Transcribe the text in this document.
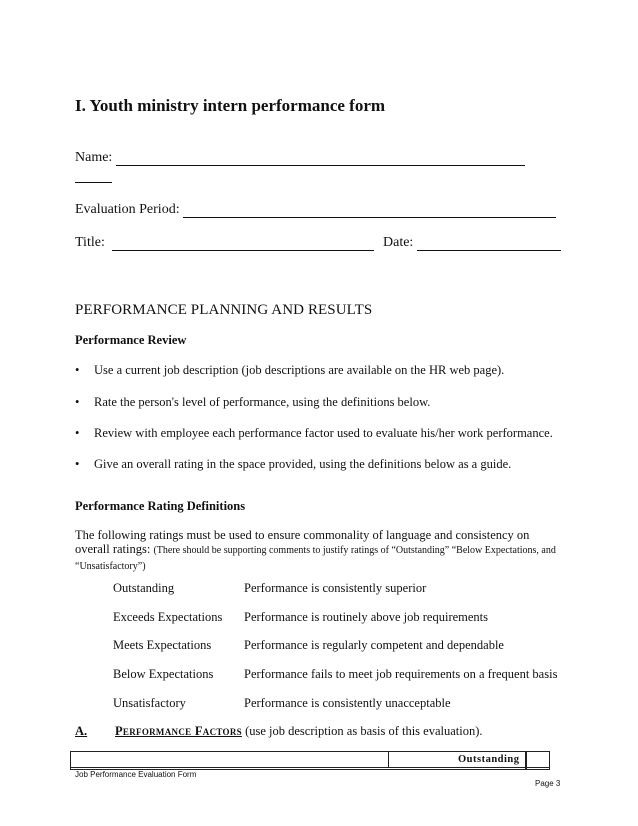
I. Youth ministry intern performance form
Name:
Evaluation Period:
Title:	Date:
PERFORMANCE PLANNING AND RESULTS
Performance Review
• Use a current job description (job descriptions are available on the HR web page).
• Rate the person's level of performance, using the definitions below.
• Review with employee each performance factor used to evaluate his/her work performance.
• Give an overall rating in the space provided, using the definitions below as a guide.
Performance Rating Definitions
The following ratings must be used to ensure commonality of language and consistency on overall ratings: (There should be supporting comments to justify ratings of “Outstanding” “Below Expectations, and “Unsatisfactory”)
Outstanding	Performance is consistently superior
Exceeds Expectations Performance is routinely above job requirements
Meets Expectations	Performance is regularly competent and dependable
Below Expectations Performance fails to meet job requirements on a frequent basis
Unsatisfactory	Performance is consistently unacceptable
A. Performance Factors (use job description as basis of this evaluation).
Outstanding
Job Performance Evaluation Form
Page 3
